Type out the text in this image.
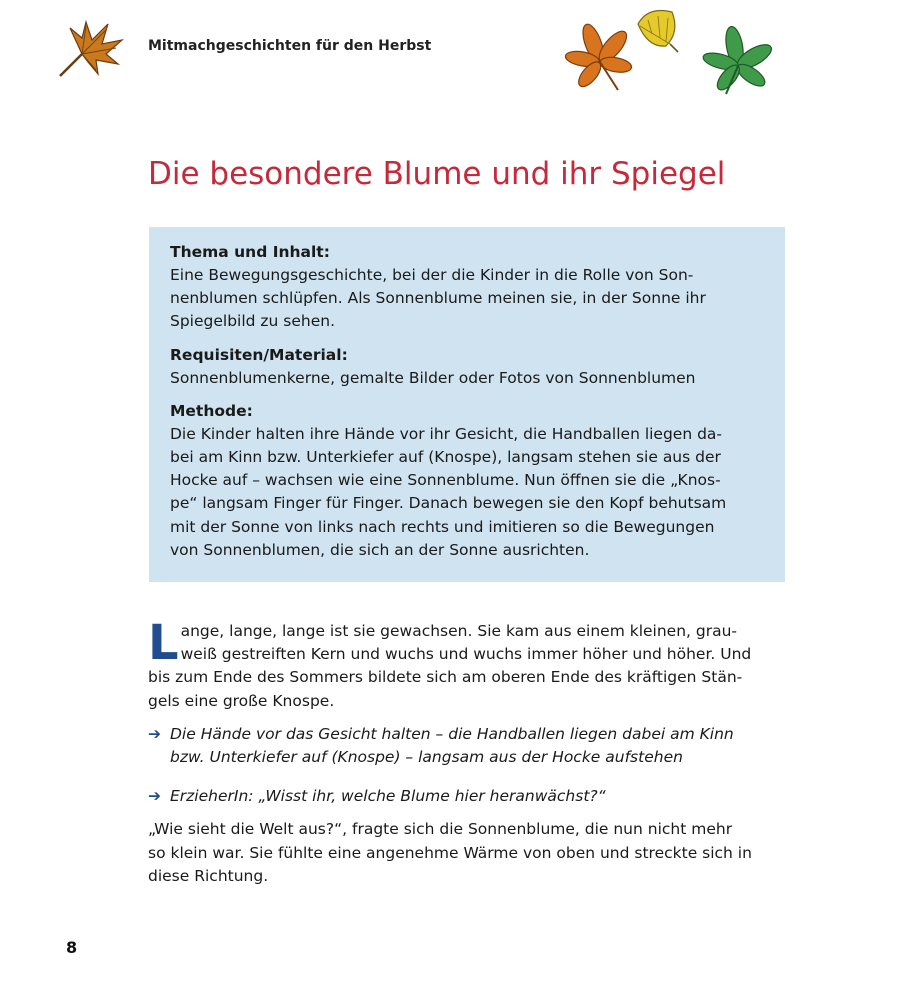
Mitmachgeschichten für den Herbst
Die besondere Blume und ihr Spiegel
Thema und Inhalt:
Eine Bewegungsgeschichte, bei der die Kinder in die Rolle von Son-
nenblumen schlüpfen. Als Sonnenblume meinen sie, in der Sonne ihr
Spiegelbild zu sehen.
Requisiten/Material:
Sonnenblumenkerne, gemalte Bilder oder Fotos von Sonnenblumen
Methode:
Die Kinder halten ihre Hände vor ihr Gesicht, die Handballen liegen da-
bei am Kinn bzw. Unterkiefer auf (Knospe), langsam stehen sie aus der
Hocke auf – wachsen wie eine Sonnenblume. Nun öffnen sie die „Knos-
pe“ langsam Finger für Finger. Danach bewegen sie den Kopf behutsam
mit der Sonne von links nach rechts und imitieren so die Bewegungen
von Sonnenblumen, die sich an der Sonne ausrichten.
L ange, lange, lange ist sie gewachsen. Sie kam aus einem kleinen, grau-
weiß gestreiften Kern und wuchs und wuchs immer höher und höher. Und
bis zum Ende des Sommers bildete sich am oberen Ende des kräftigen Stän-
gels eine große Knospe.
➔ Die Hände vor das Gesicht halten – die Handballen liegen dabei am Kinn
bzw. Unterkiefer auf (Knospe) – langsam aus der Hocke aufstehen
➔ ErzieherIn: „Wisst ihr, welche Blume hier heranwächst?“
„Wie sieht die Welt aus?“, fragte sich die Sonnenblume, die nun nicht mehr
so klein war. Sie fühlte eine angenehme Wärme von oben und streckte sich in
diese Richtung.
8
